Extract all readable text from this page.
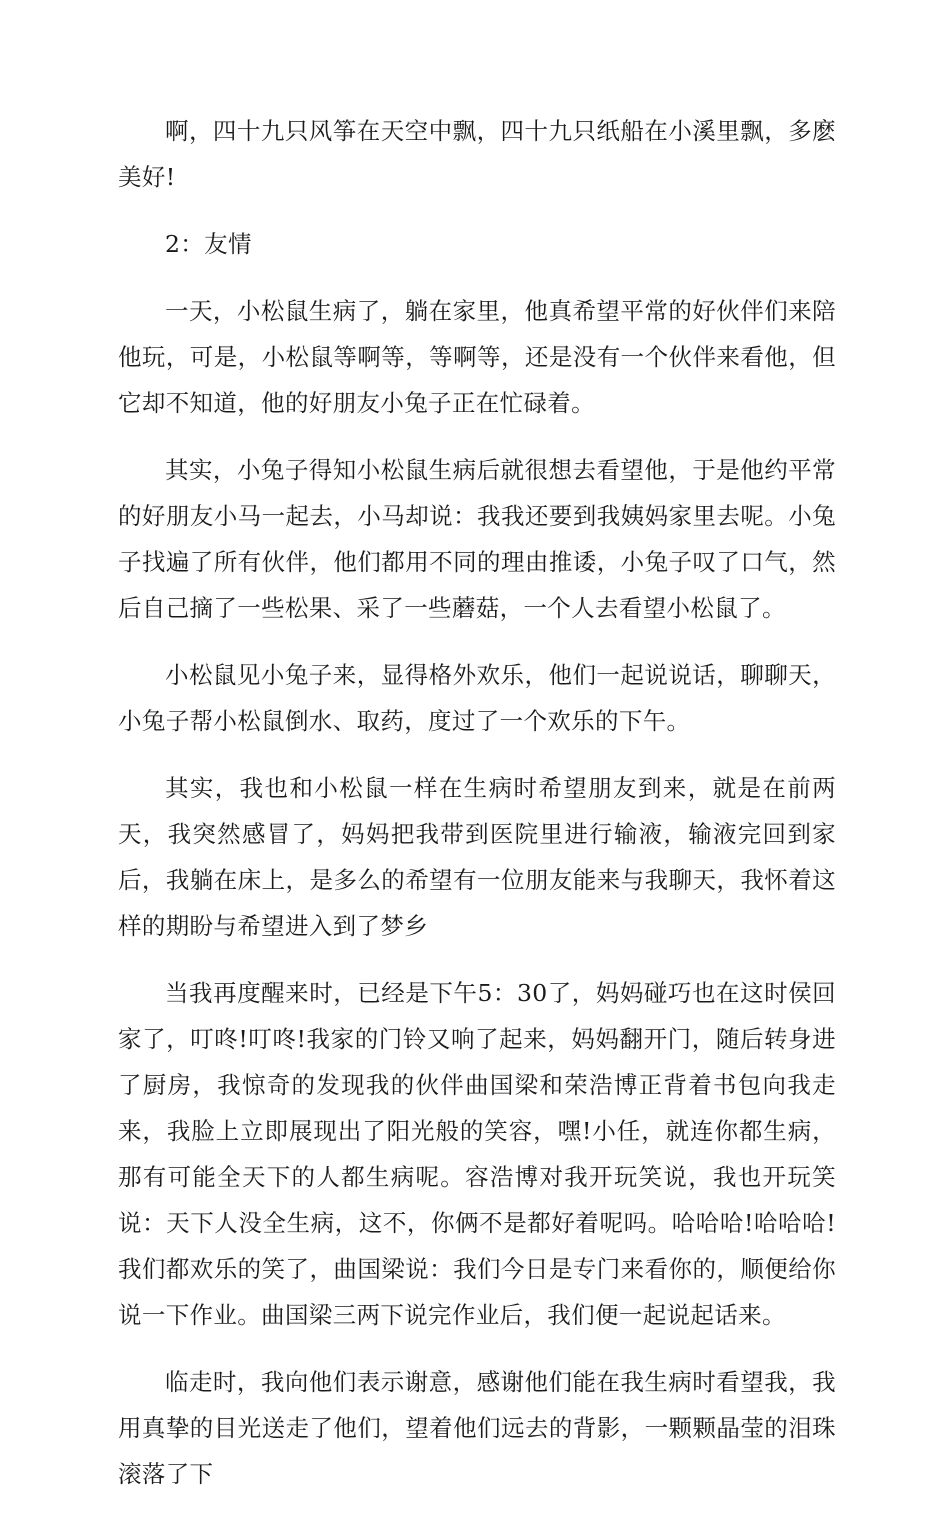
啊，四十九只风筝在天空中飘，四十九只纸船在小溪里飘，多麽美好!

2：友情

一天，小松鼠生病了，躺在家里，他真希望平常的好伙伴们来陪他玩，可是，小松鼠等啊等，等啊等，还是没有一个伙伴来看他，但它却不知道，他的好朋友小兔子正在忙碌着。

其实，小兔子得知小松鼠生病后就很想去看望他，于是他约平常的好朋友小马一起去，小马却说：我我还要到我姨妈家里去呢。小兔子找遍了所有伙伴，他们都用不同的理由推诿，小兔子叹了口气，然后自己摘了一些松果、采了一些蘑菇，一个人去看望小松鼠了。

小松鼠见小兔子来，显得格外欢乐，他们一起说说话，聊聊天，小兔子帮小松鼠倒水、取药，度过了一个欢乐的下午。

其实，我也和小松鼠一样在生病时希望朋友到来，就是在前两天，我突然感冒了，妈妈把我带到医院里进行输液，输液完回到家后，我躺在床上，是多么的希望有一位朋友能来与我聊天，我怀着这样的期盼与希望进入到了梦乡

当我再度醒来时，已经是下午5：30了，妈妈碰巧也在这时侯回家了，叮咚!叮咚!我家的门铃又响了起来，妈妈翻开门，随后转身进了厨房，我惊奇的发现我的伙伴曲国梁和荣浩博正背着书包向我走来，我脸上立即展现出了阳光般的笑容，嘿!小任，就连你都生病，那有可能全天下的人都生病呢。容浩博对我开玩笑说，我也开玩笑说：天下人没全生病，这不，你俩不是都好着呢吗。哈哈哈!哈哈哈!我们都欢乐的笑了，曲国梁说：我们今日是专门来看你的，顺便给你说一下作业。曲国梁三两下说完作业后，我们便一起说起话来。

临走时，我向他们表示谢意，感谢他们能在我生病时看望我，我用真挚的目光送走了他们，望着他们远去的背影，一颗颗晶莹的泪珠滚落了下
